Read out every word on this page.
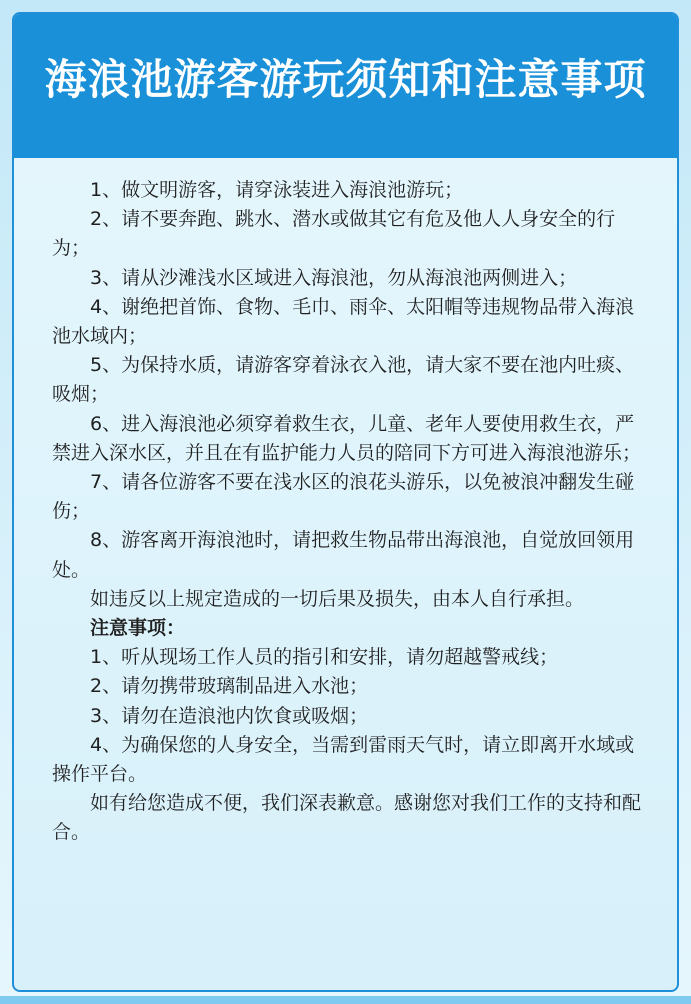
海浪池游客游玩须知和注意事项

1、做文明游客，请穿泳装进入海浪池游玩；

2、请不要奔跑、跳水、潜水或做其它有危及他人人身安全的行为；

3、请从沙滩浅水区域进入海浪池，勿从海浪池两侧进入；

4、谢绝把首饰、食物、毛巾、雨伞、太阳帽等违规物品带入海浪池水域内；

5、为保持水质，请游客穿着泳衣入池，请大家不要在池内吐痰、吸烟；

6、进入海浪池必须穿着救生衣，儿童、老年人要使用救生衣，严禁进入深水区，并且在有监护能力人员的陪同下方可进入海浪池游乐；

7、请各位游客不要在浅水区的浪花头游乐，以免被浪冲翻发生碰伤；

8、游客离开海浪池时，请把救生物品带出海浪池，自觉放回领用处。

如违反以上规定造成的一切后果及损失，由本人自行承担。

注意事项：

1、听从现场工作人员的指引和安排，请勿超越警戒线；

2、请勿携带玻璃制品进入水池；

3、请勿在造浪池内饮食或吸烟；

4、为确保您的人身安全，当需到雷雨天气时，请立即离开水域或操作平台。

如有给您造成不便，我们深表歉意。感谢您对我们工作的支持和配合。
